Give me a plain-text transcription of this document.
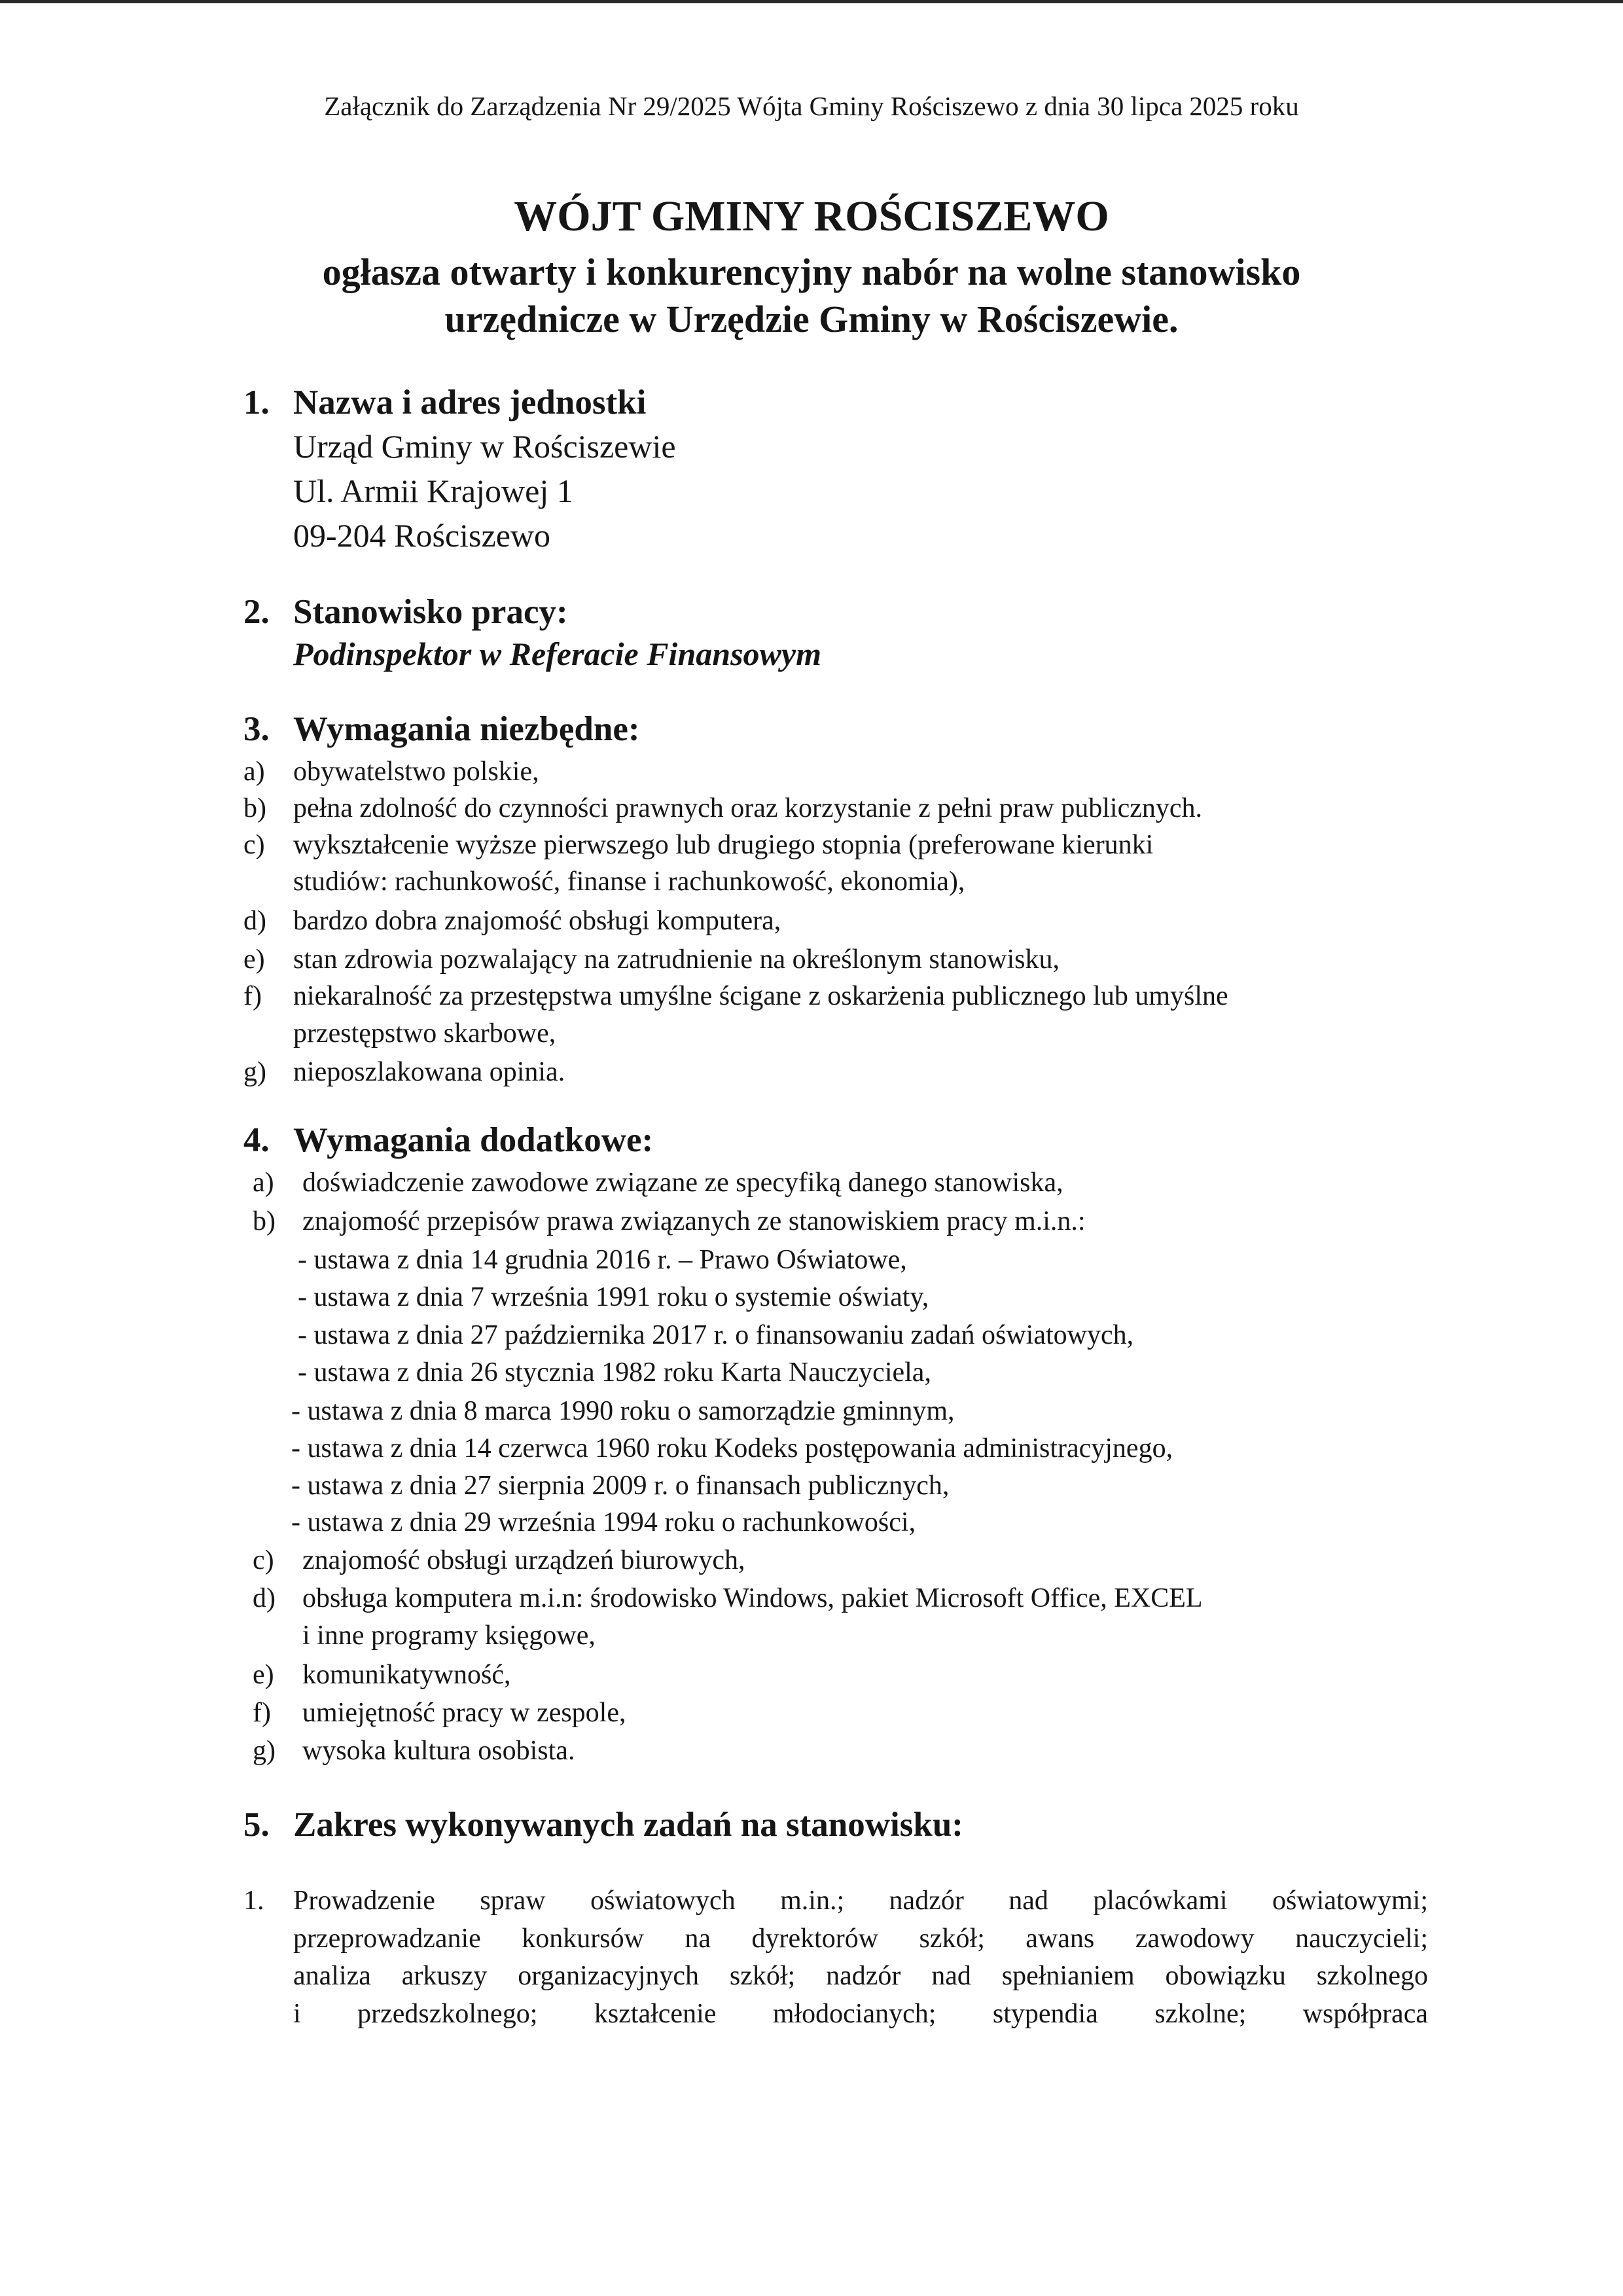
Załącznik do Zarządzenia Nr 29/2025 Wójta Gminy Rościszewo z dnia 30 lipca 2025 roku
WÓJT GMINY ROŚCISZEWO
ogłasza otwarty i konkurencyjny nabór na wolne stanowisko
urzędnicze w Urzędzie Gminy w Rościszewie.
1. Nazwa i adres jednostki
Urząd Gminy w Rościszewie
Ul. Armii Krajowej 1
09-204 Rościszewo
2. Stanowisko pracy:
Podinspektor w Referacie Finansowym
3. Wymagania niezbędne:
a) obywatelstwo polskie,
b) pełna zdolność do czynności prawnych oraz korzystanie z pełni praw publicznych.
c) wykształcenie wyższe pierwszego lub drugiego stopnia (preferowane kierunki
studiów: rachunkowość, finanse i rachunkowość, ekonomia),
d) bardzo dobra znajomość obsługi komputera,
e) stan zdrowia pozwalający na zatrudnienie na określonym stanowisku,
f) niekaralność za przestępstwa umyślne ścigane z oskarżenia publicznego lub umyślne
przestępstwo skarbowe,
g) nieposzlakowana opinia.
4. Wymagania dodatkowe:
a) doświadczenie zawodowe związane ze specyfiką danego stanowiska,
b) znajomość przepisów prawa związanych ze stanowiskiem pracy m.i.n.:
- ustawa z dnia 14 grudnia 2016 r. – Prawo Oświatowe,
- ustawa z dnia 7 września 1991 roku o systemie oświaty,
- ustawa z dnia 27 października 2017 r. o finansowaniu zadań oświatowych,
- ustawa z dnia 26 stycznia 1982 roku Karta Nauczyciela,
- ustawa z dnia 8 marca 1990 roku o samorządzie gminnym,
- ustawa z dnia 14 czerwca 1960 roku Kodeks postępowania administracyjnego,
- ustawa z dnia 27 sierpnia 2009 r. o finansach publicznych,
- ustawa z dnia 29 września 1994 roku o rachunkowości,
c) znajomość obsługi urządzeń biurowych,
d) obsługa komputera m.i.n: środowisko Windows, pakiet Microsoft Office, EXCEL
i inne programy księgowe,
e) komunikatywność,
f) umiejętność pracy w zespole,
g) wysoka kultura osobista.
5. Zakres wykonywanych zadań na stanowisku:
1. Prowadzenie spraw oświatowych m.in.; nadzór nad placówkami oświatowymi;
przeprowadzanie konkursów na dyrektorów szkół; awans zawodowy nauczycieli;
analiza arkuszy organizacyjnych szkół; nadzór nad spełnianiem obowiązku szkolnego
i przedszkolnego; kształcenie młodocianych; stypendia szkolne; współpraca
